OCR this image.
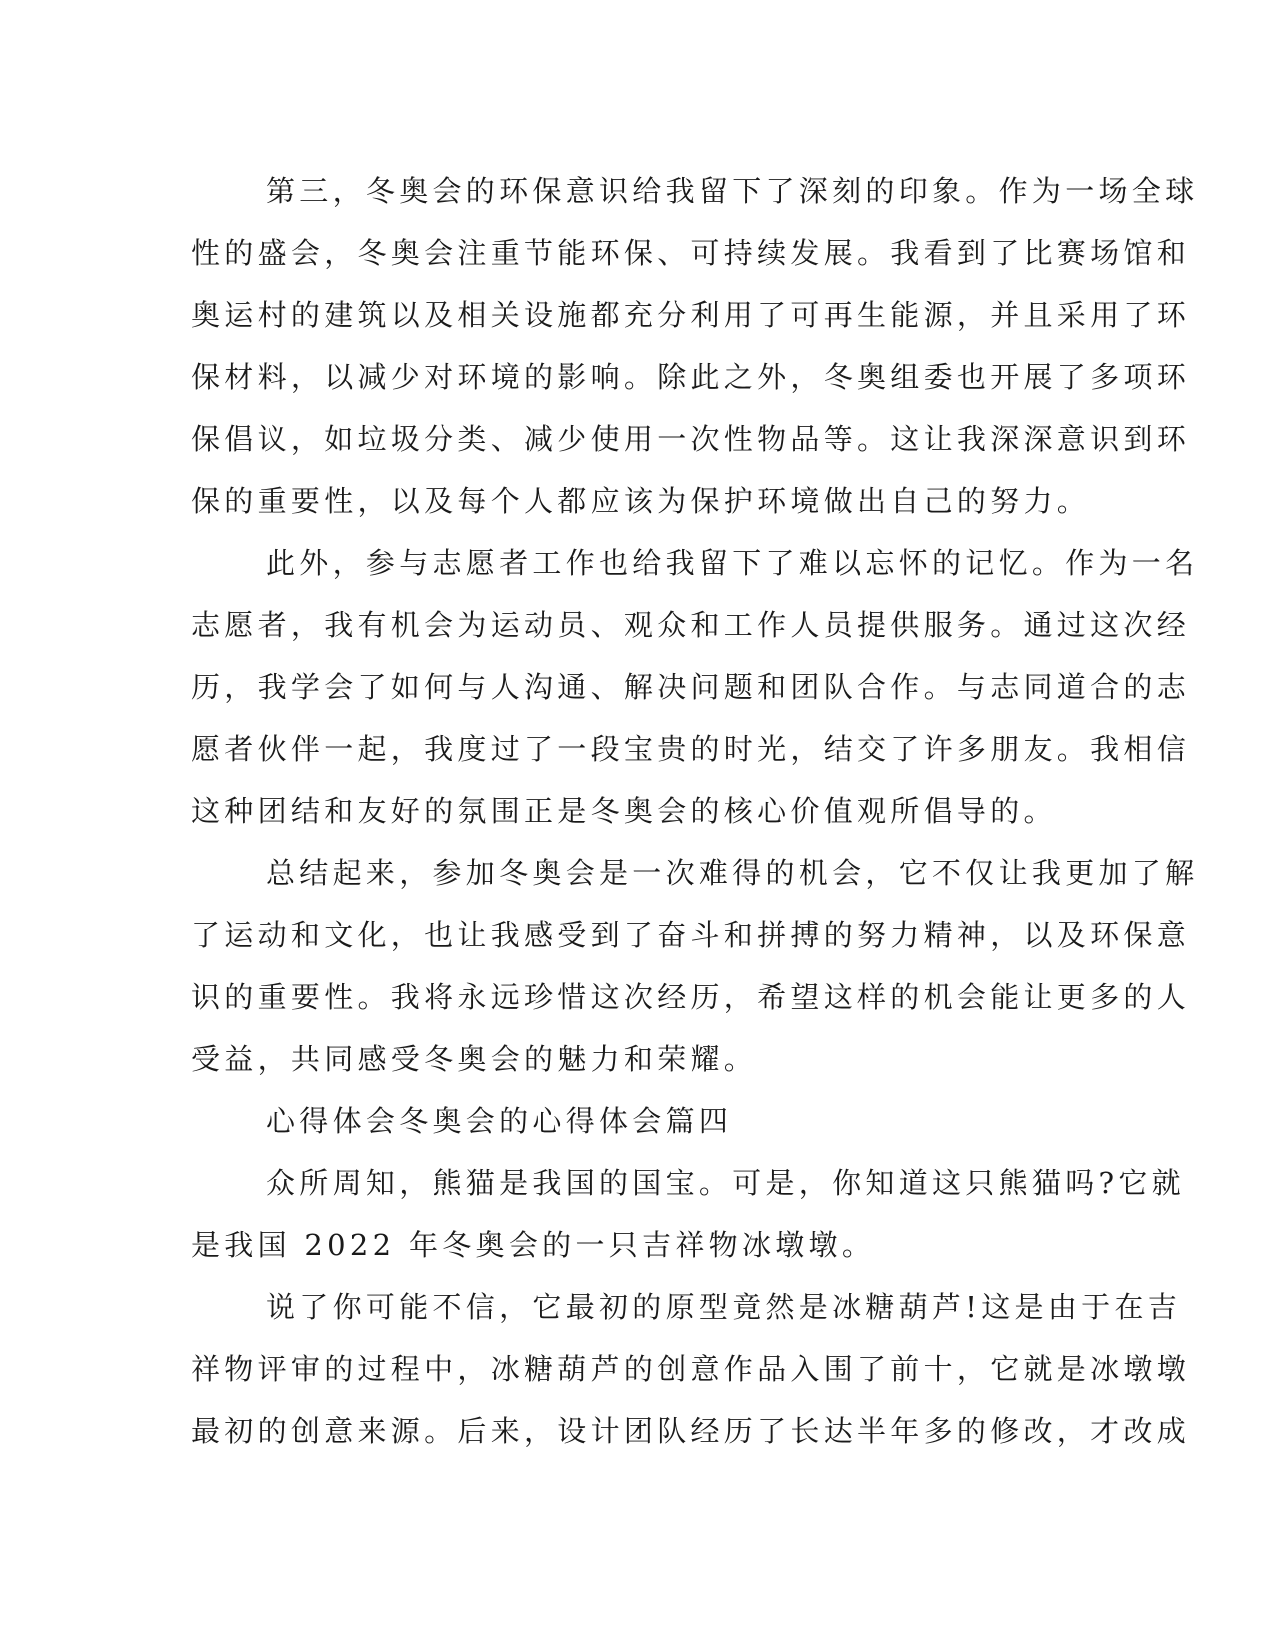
第三，冬奥会的环保意识给我留下了深刻的印象。作为一场全球
性的盛会，冬奥会注重节能环保、可持续发展。我看到了比赛场馆和
奥运村的建筑以及相关设施都充分利用了可再生能源，并且采用了环
保材料，以减少对环境的影响。除此之外，冬奥组委也开展了多项环
保倡议，如垃圾分类、减少使用一次性物品等。这让我深深意识到环
保的重要性，以及每个人都应该为保护环境做出自己的努力。
此外，参与志愿者工作也给我留下了难以忘怀的记忆。作为一名
志愿者，我有机会为运动员、观众和工作人员提供服务。通过这次经
历，我学会了如何与人沟通、解决问题和团队合作。与志同道合的志
愿者伙伴一起，我度过了一段宝贵的时光，结交了许多朋友。我相信
这种团结和友好的氛围正是冬奥会的核心价值观所倡导的。
总结起来，参加冬奥会是一次难得的机会，它不仅让我更加了解
了运动和文化，也让我感受到了奋斗和拼搏的努力精神，以及环保意
识的重要性。我将永远珍惜这次经历，希望这样的机会能让更多的人
受益，共同感受冬奥会的魅力和荣耀。
心得体会冬奥会的心得体会篇四
众所周知，熊猫是我国的国宝。可是，你知道这只熊猫吗?它就
是我国 2022 年冬奥会的一只吉祥物冰墩墩。
说了你可能不信，它最初的原型竟然是冰糖葫芦!这是由于在吉
祥物评审的过程中，冰糖葫芦的创意作品入围了前十，它就是冰墩墩
最初的创意来源。后来，设计团队经历了长达半年多的修改，才改成
